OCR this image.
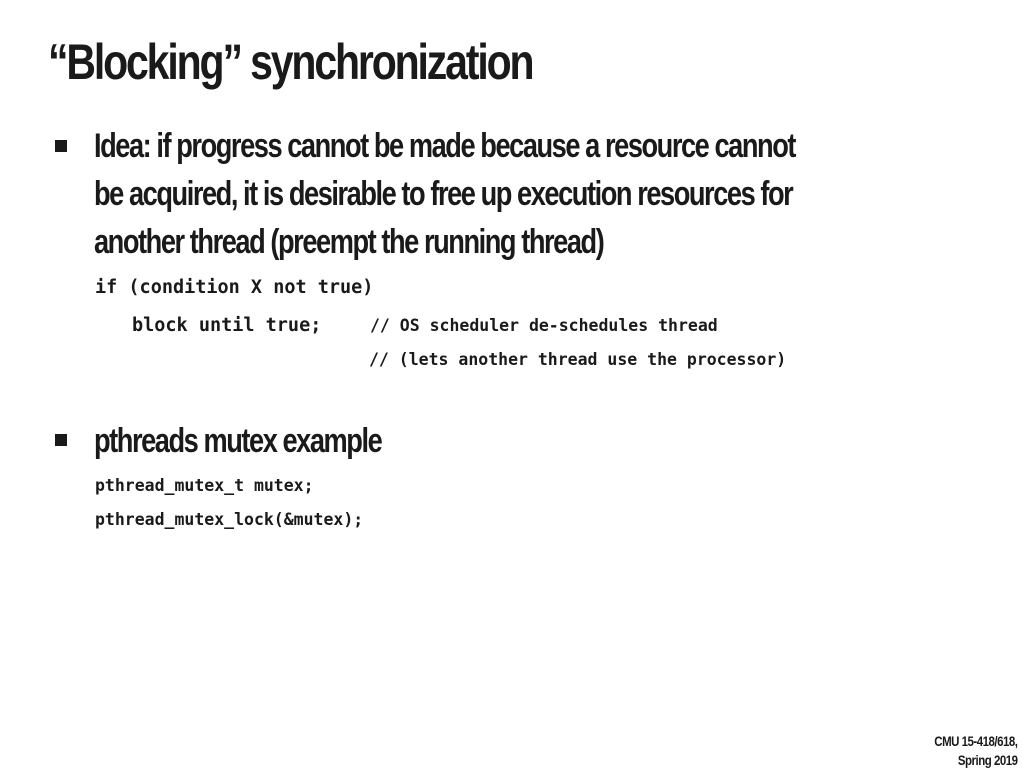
“Blocking” synchronization
Idea: if progress cannot be made because a resource cannot
be acquired, it is desirable to free up execution resources for
another thread (preempt the running thread)
if (condition X not true)
block until true;	// OS scheduler de-schedules thread
// (lets another thread use the processor)
pthreads mutex example
pthread_mutex_t mutex;
pthread_mutex_lock(&mutex);
CMU 15-418/618,
Spring 2019
